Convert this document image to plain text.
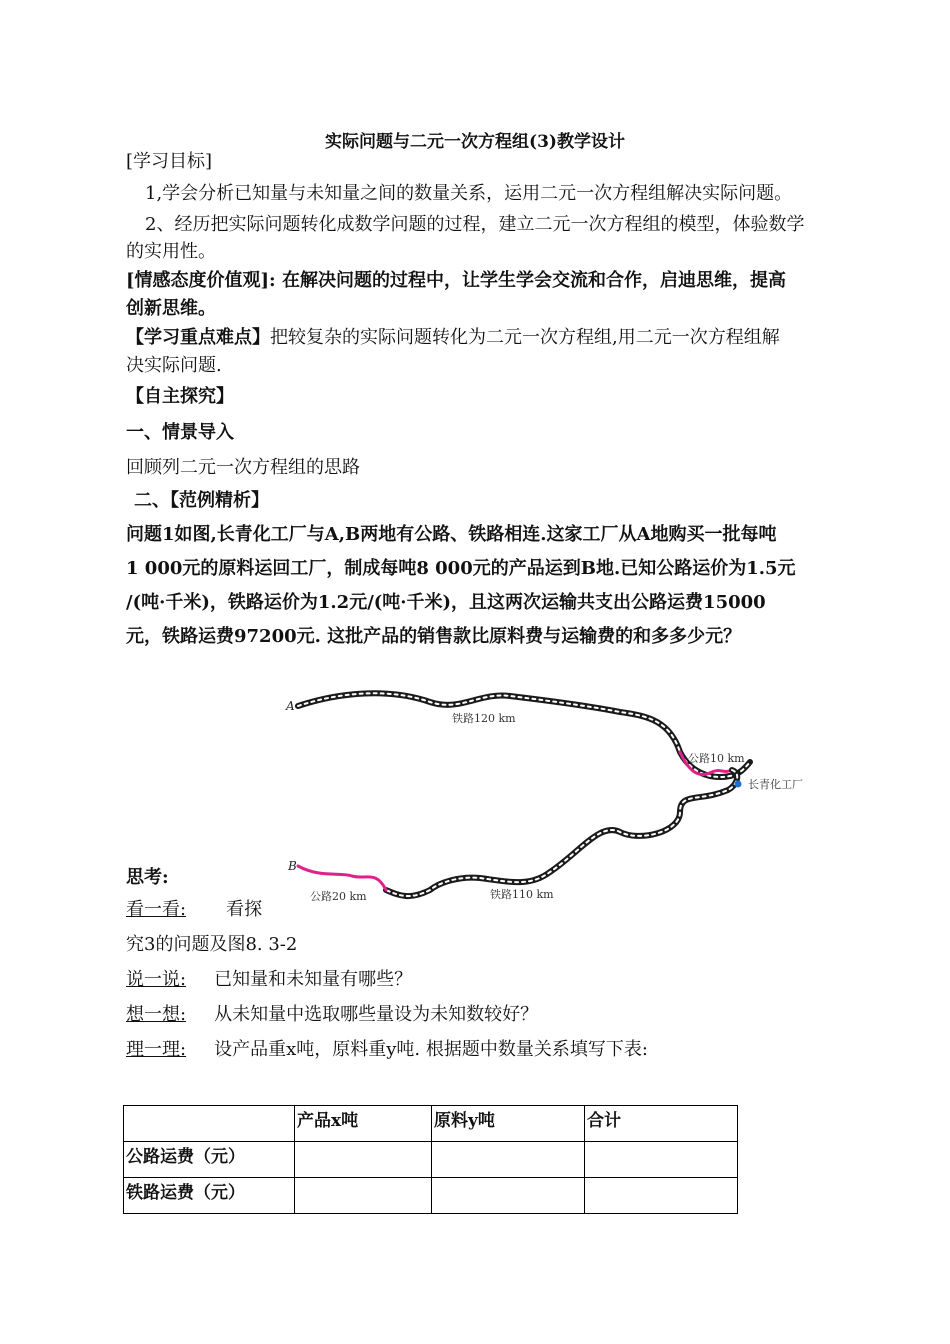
实际问题与二元一次方程组(3)教学设计
[学习目标]
1,学会分析已知量与未知量之间的数量关系，运用二元一次方程组解决实际问题。
2、经历把实际问题转化成数学问题的过程，建立二元一次方程组的模型，体验数学
的实用性。
[情感态度价值观]: 在解决问题的过程中，让学生学会交流和合作，启迪思维，提高
创新思维。
【学习重点难点】把较复杂的实际问题转化为二元一次方程组,用二元一次方程组解
决实际问题.
【自主探究】
一、情景导入
回顾列二元一次方程组的思路
二、【范例精析】
问题1如图,长青化工厂与A,B两地有公路、铁路相连.这家工厂从A地购买一批每吨
1 000元的原料运回工厂，制成每吨8 000元的产品运到B地.已知公路运价为1.5元
/(吨·千米)，铁路运价为1.2元/(吨·千米)，且这两次运输共支出公路运费15000
元，铁路运费97200元. 这批产品的销售款比原料费与运输费的和多多少元？
A
B
铁路120 km
公路10 km
长青化工厂
公路20 km	铁路110 km
思考:
看一看: 看探
究3的问题及图8. 3-2
说一说: 已知量和未知量有哪些？
想一想: 从未知量中选取哪些量设为未知数较好？
理一理: 设产品重x吨，原料重y吨. 根据题中数量关系填写下表:
	产品x吨	原料y吨	合计
公路运费（元）			
铁路运费（元）			
